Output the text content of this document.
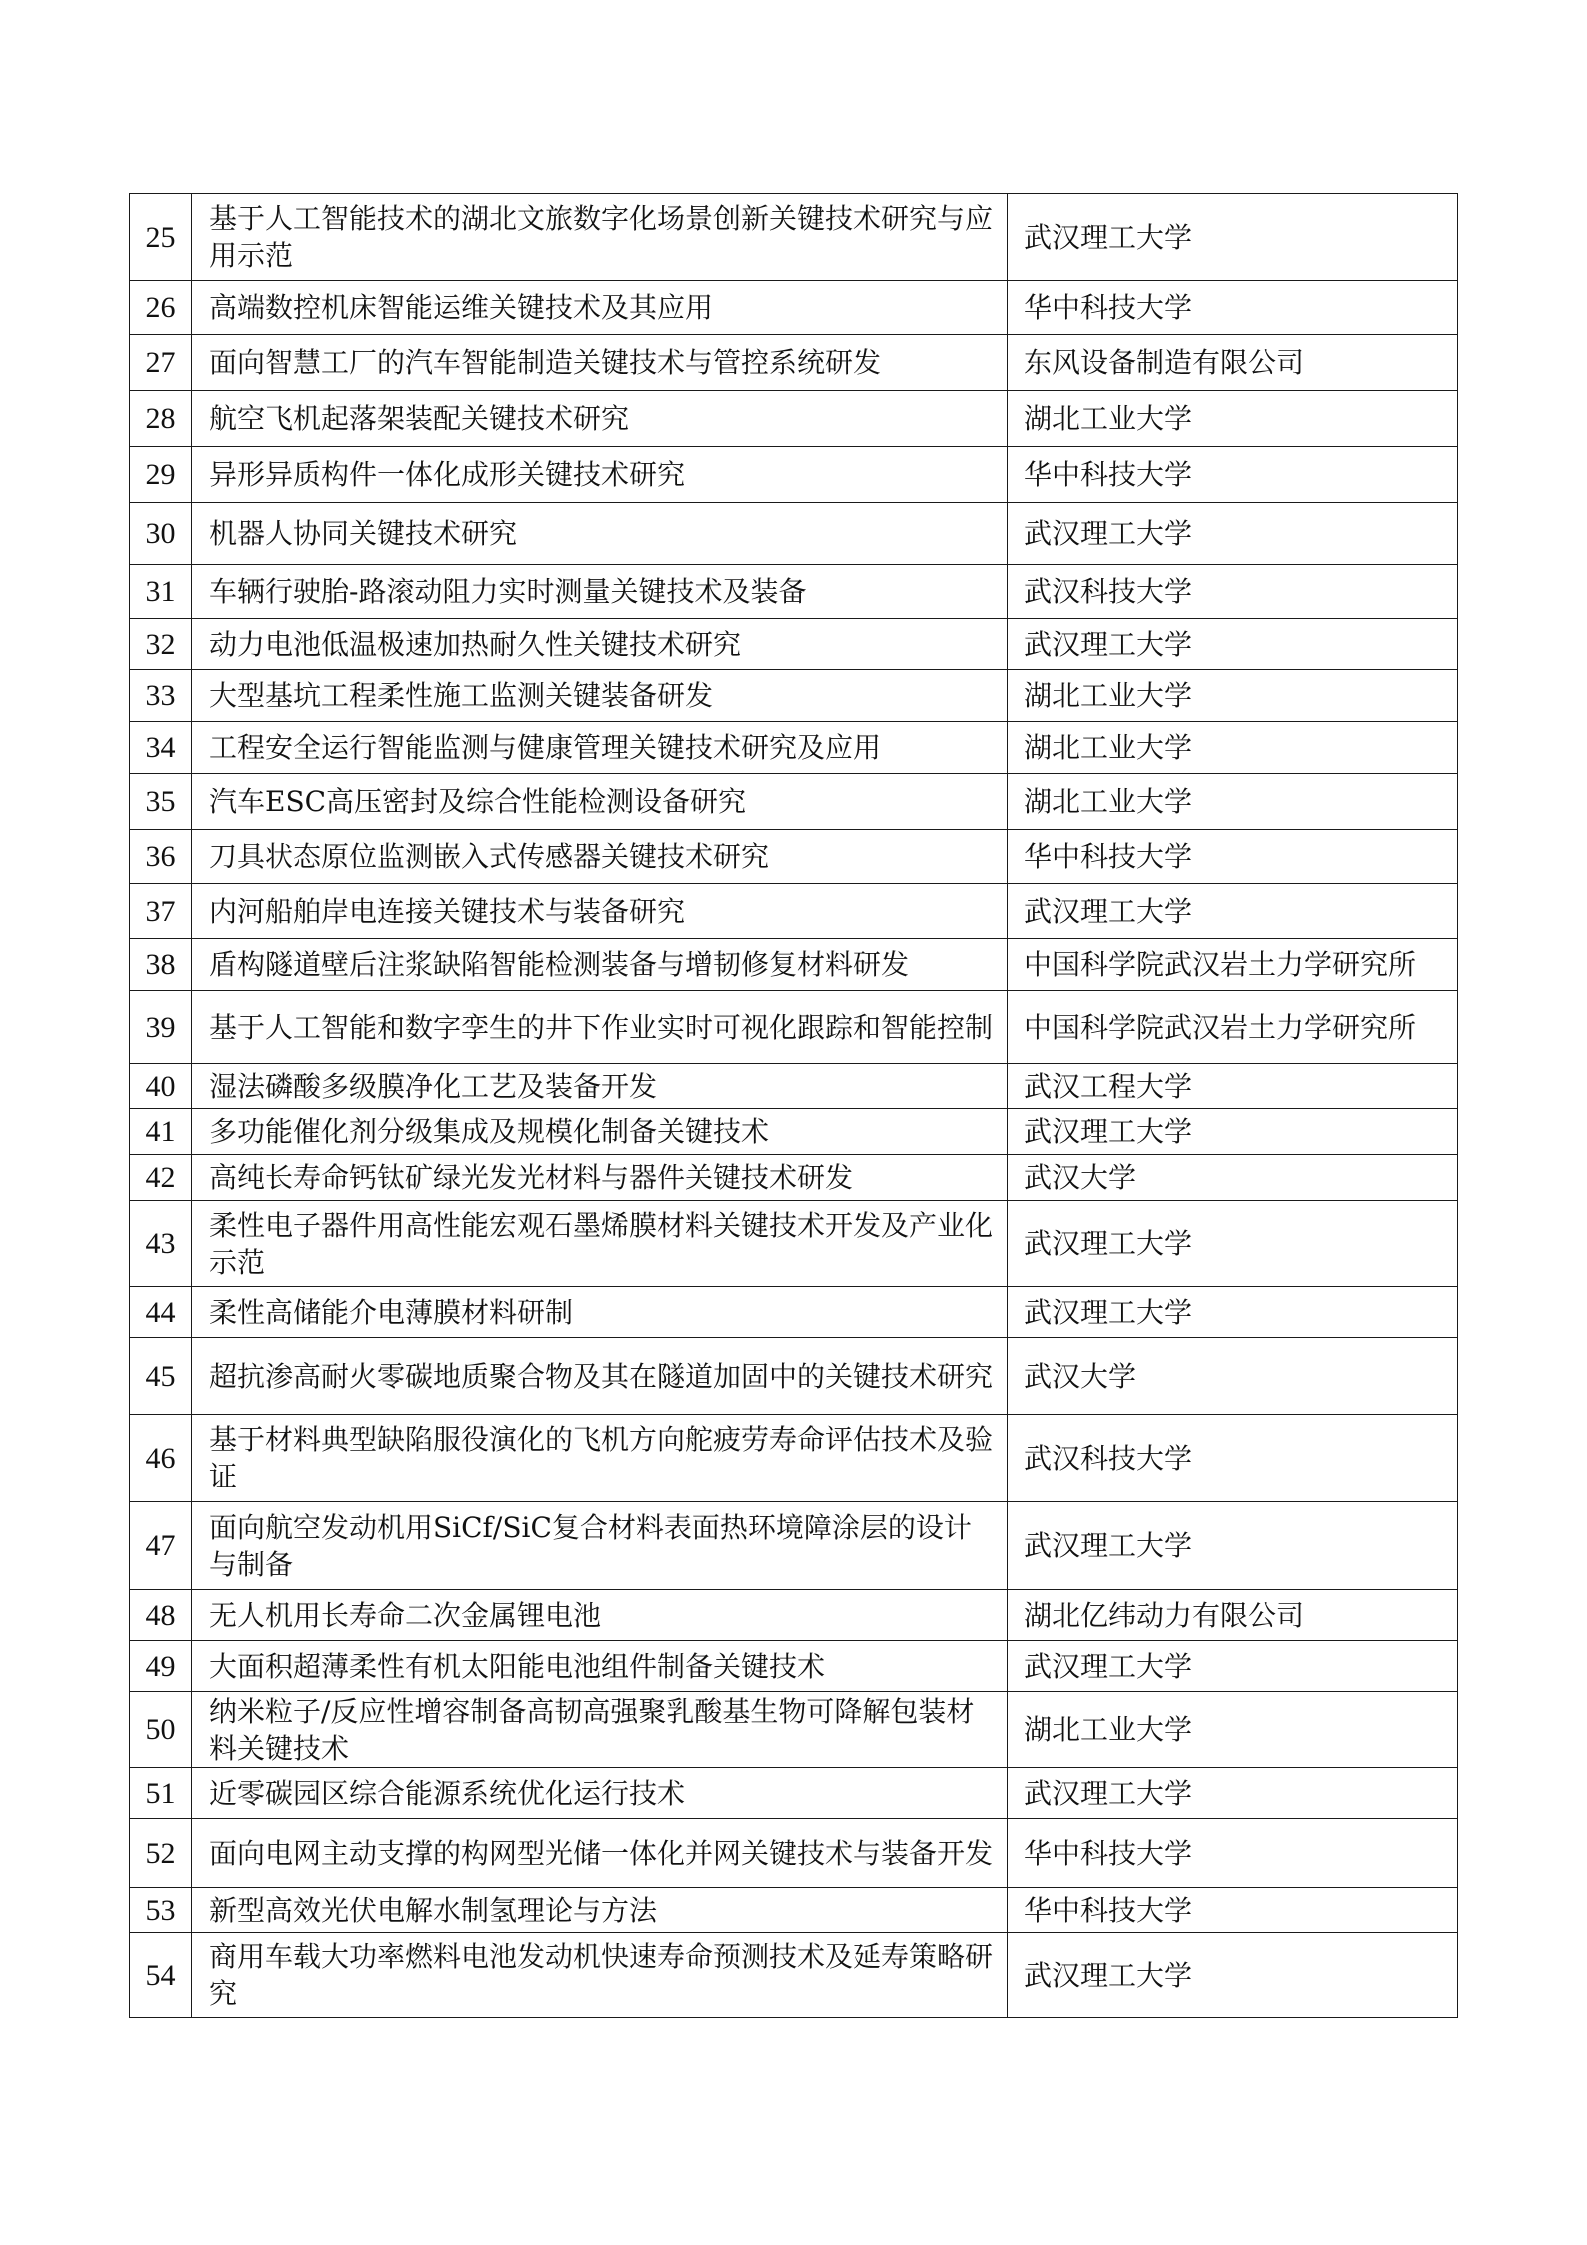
25	基于人工智能技术的湖北文旅数字化场景创新关键技术研究与应用示范	武汉理工大学
26	高端数控机床智能运维关键技术及其应用	华中科技大学
27	面向智慧工厂的汽车智能制造关键技术与管控系统研发	东风设备制造有限公司
28	航空飞机起落架装配关键技术研究	湖北工业大学
29	异形异质构件一体化成形关键技术研究	华中科技大学
30	机器人协同关键技术研究	武汉理工大学
31	车辆行驶胎-路滚动阻力实时测量关键技术及装备	武汉科技大学
32	动力电池低温极速加热耐久性关键技术研究	武汉理工大学
33	大型基坑工程柔性施工监测关键装备研发	湖北工业大学
34	工程安全运行智能监测与健康管理关键技术研究及应用	湖北工业大学
35	汽车ESC高压密封及综合性能检测设备研究	湖北工业大学
36	刀具状态原位监测嵌入式传感器关键技术研究	华中科技大学
37	内河船舶岸电连接关键技术与装备研究	武汉理工大学
38	盾构隧道壁后注浆缺陷智能检测装备与增韧修复材料研发	中国科学院武汉岩土力学研究所
39	基于人工智能和数字孪生的井下作业实时可视化跟踪和智能控制	中国科学院武汉岩土力学研究所
40	湿法磷酸多级膜净化工艺及装备开发	武汉工程大学
41	多功能催化剂分级集成及规模化制备关键技术	武汉理工大学
42	高纯长寿命钙钛矿绿光发光材料与器件关键技术研发	武汉大学
43	柔性电子器件用高性能宏观石墨烯膜材料关键技术开发及产业化示范	武汉理工大学
44	柔性高储能介电薄膜材料研制	武汉理工大学
45	超抗渗高耐火零碳地质聚合物及其在隧道加固中的关键技术研究	武汉大学
46	基于材料典型缺陷服役演化的飞机方向舵疲劳寿命评估技术及验证	武汉科技大学
47	面向航空发动机用SiCf/SiC复合材料表面热环境障涂层的设计与制备	武汉理工大学
48	无人机用长寿命二次金属锂电池	湖北亿纬动力有限公司
49	大面积超薄柔性有机太阳能电池组件制备关键技术	武汉理工大学
50	纳米粒子/反应性增容制备高韧高强聚乳酸基生物可降解包装材料关键技术	湖北工业大学
51	近零碳园区综合能源系统优化运行技术	武汉理工大学
52	面向电网主动支撑的构网型光储一体化并网关键技术与装备开发	华中科技大学
53	新型高效光伏电解水制氢理论与方法	华中科技大学
54	商用车载大功率燃料电池发动机快速寿命预测技术及延寿策略研究	武汉理工大学
